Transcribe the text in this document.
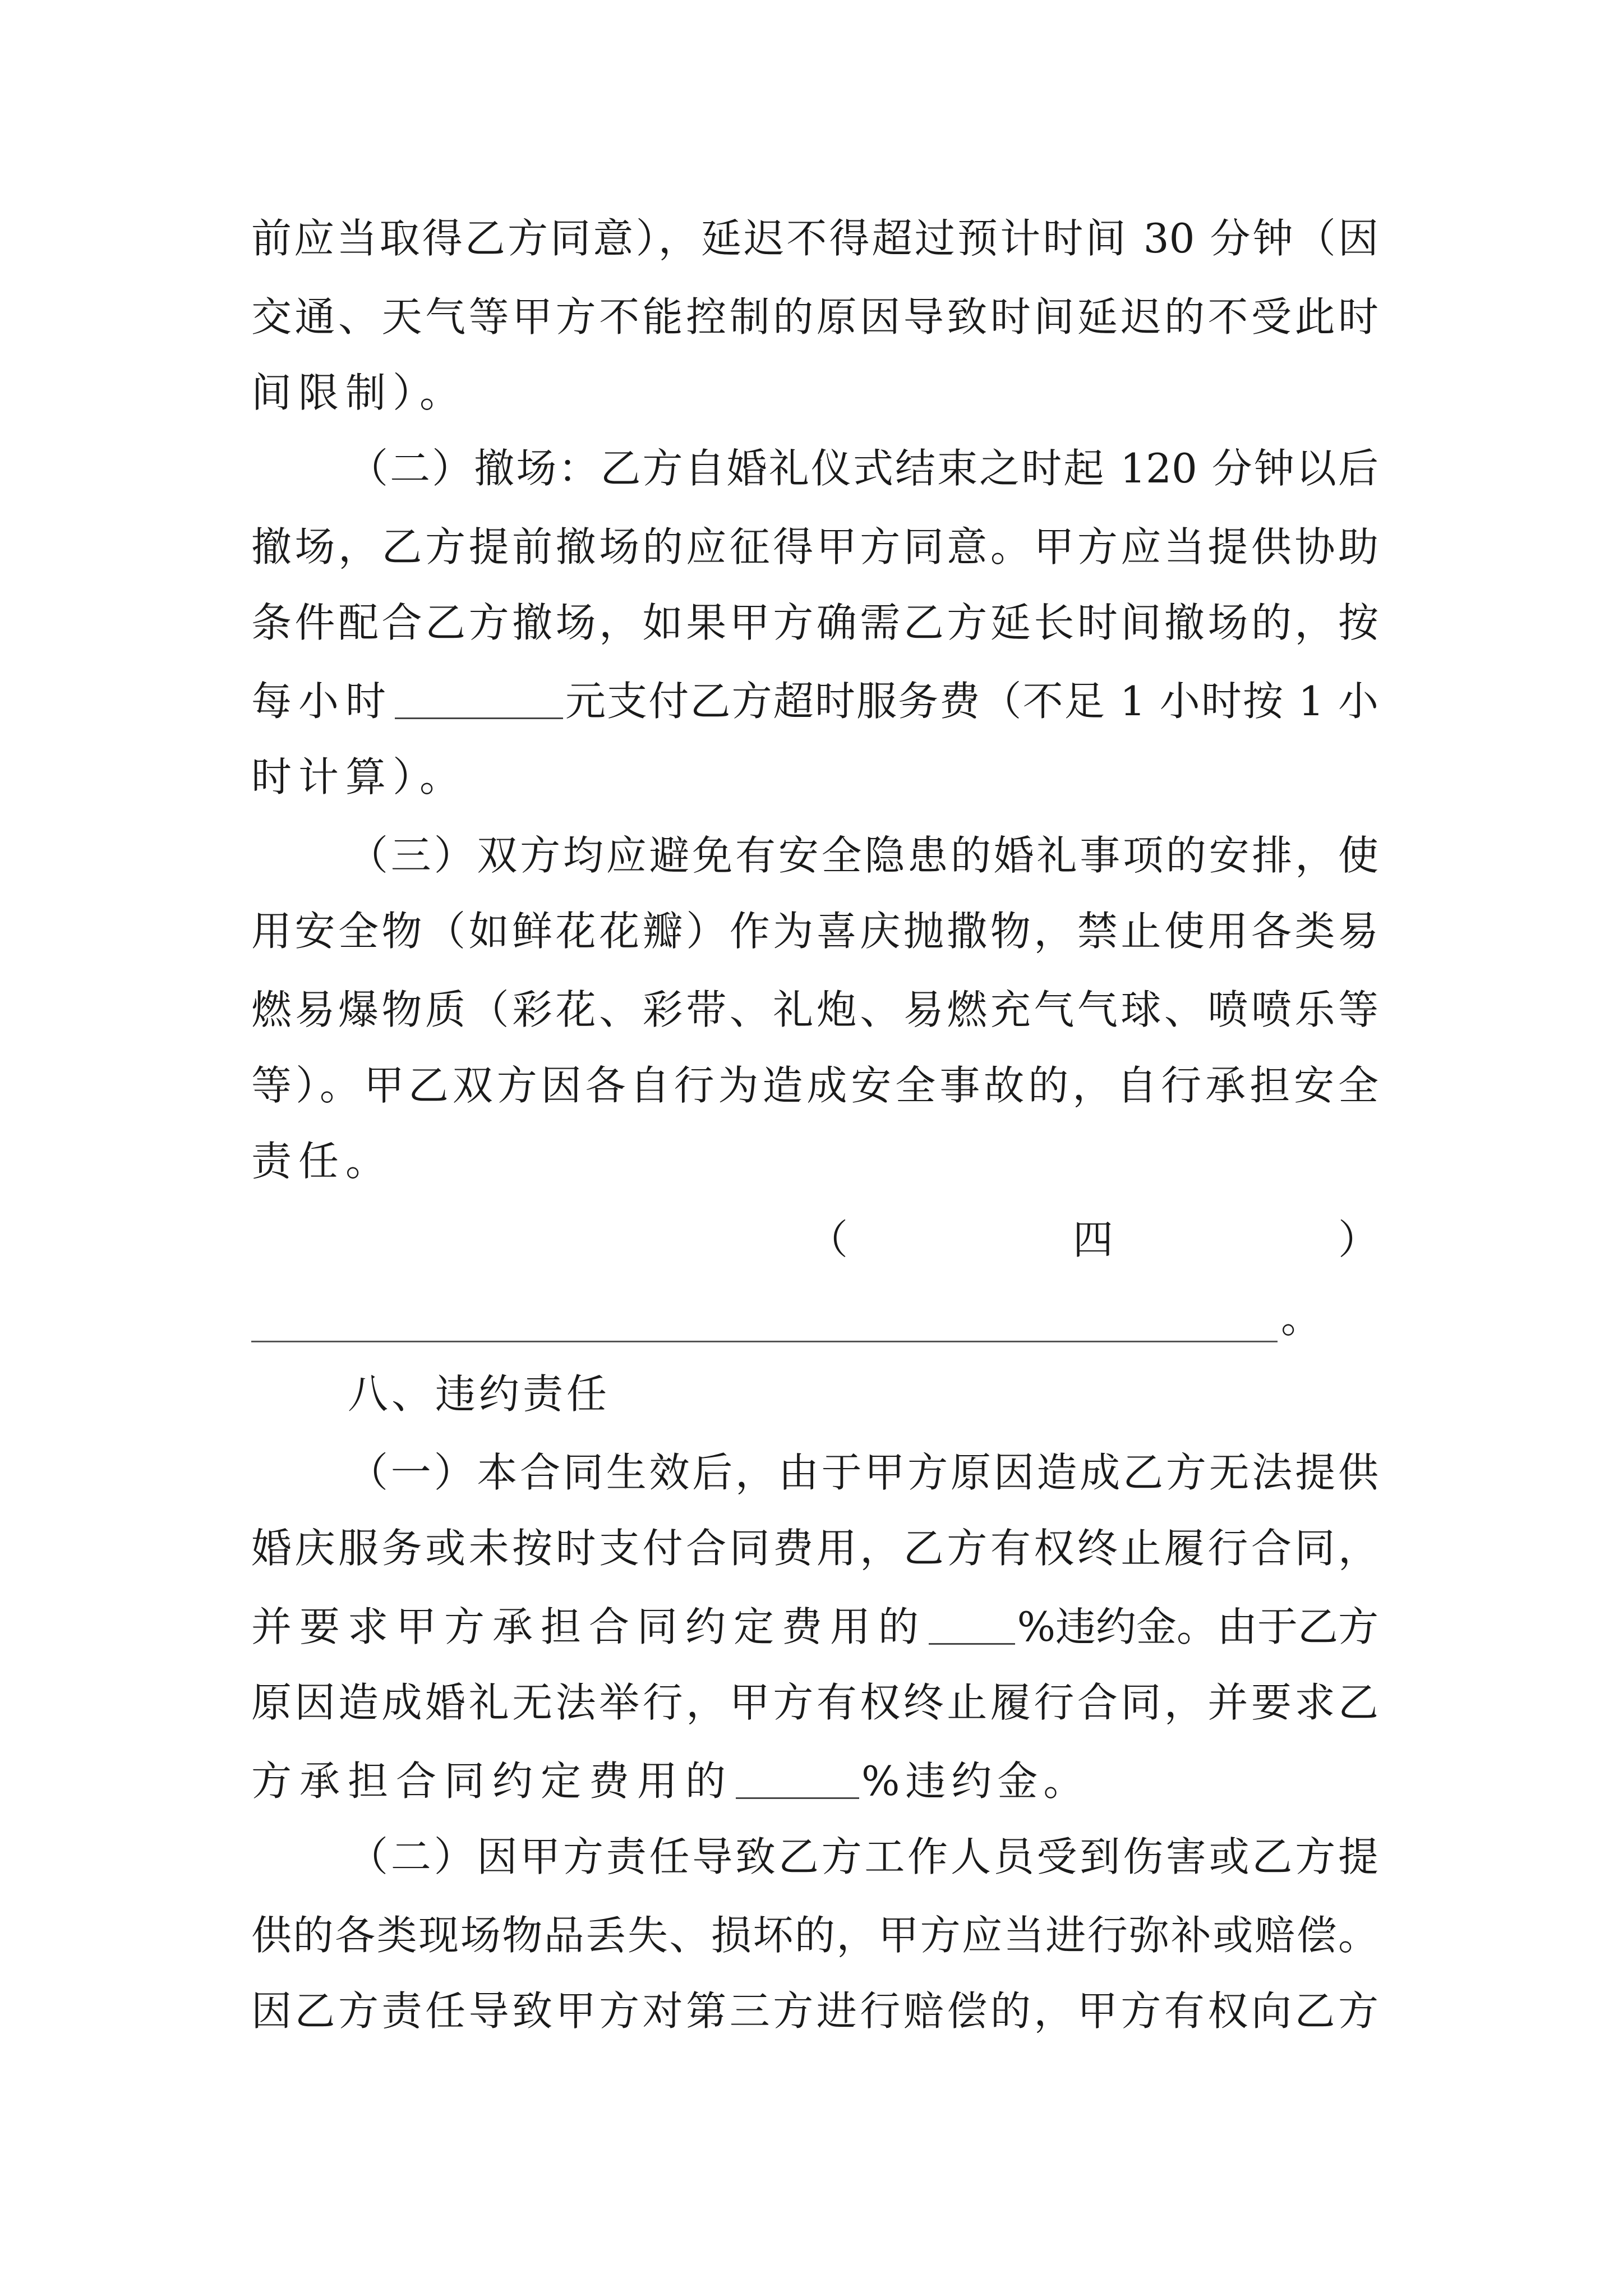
前应当取得乙方同意），延迟不得超过预计时间 30 分钟（因
交通、天气等甲方不能控制的原因导致时间延迟的不受此时
间限制）。
（二）撤场：乙方自婚礼仪式结束之时起 120 分钟以后
撤场，乙方提前撤场的应征得甲方同意。甲方应当提供协助
条件配合乙方撤场，如果甲方确需乙方延长时间撤场的，按
每小时	元支付乙方超时服务费（不足 1 小时按 1 小
时计算）。
（三）双方均应避免有安全隐患的婚礼事项的安排，使
用安全物（如鲜花花瓣）作为喜庆抛撒物，禁止使用各类易
燃易爆物质（彩花、彩带、礼炮、易燃充气气球、喷喷乐等
等）。甲乙双方因各自行为造成安全事故的，自行承担安全
责任。
（	四	）
。
八、违约责任
（一）本合同生效后，由于甲方原因造成乙方无法提供
婚庆服务或未按时支付合同费用，乙方有权终止履行合同，
并要求甲方承担合同约定费用的 %违约金。由于乙方
原因造成婚礼无法举行，甲方有权终止履行合同，并要求乙
方承担合同约定费用的	%违约金。
（二）因甲方责任导致乙方工作人员受到伤害或乙方提
供的各类现场物品丢失、损坏的，甲方应当进行弥补或赔偿。
因乙方责任导致甲方对第三方进行赔偿的，甲方有权向乙方
